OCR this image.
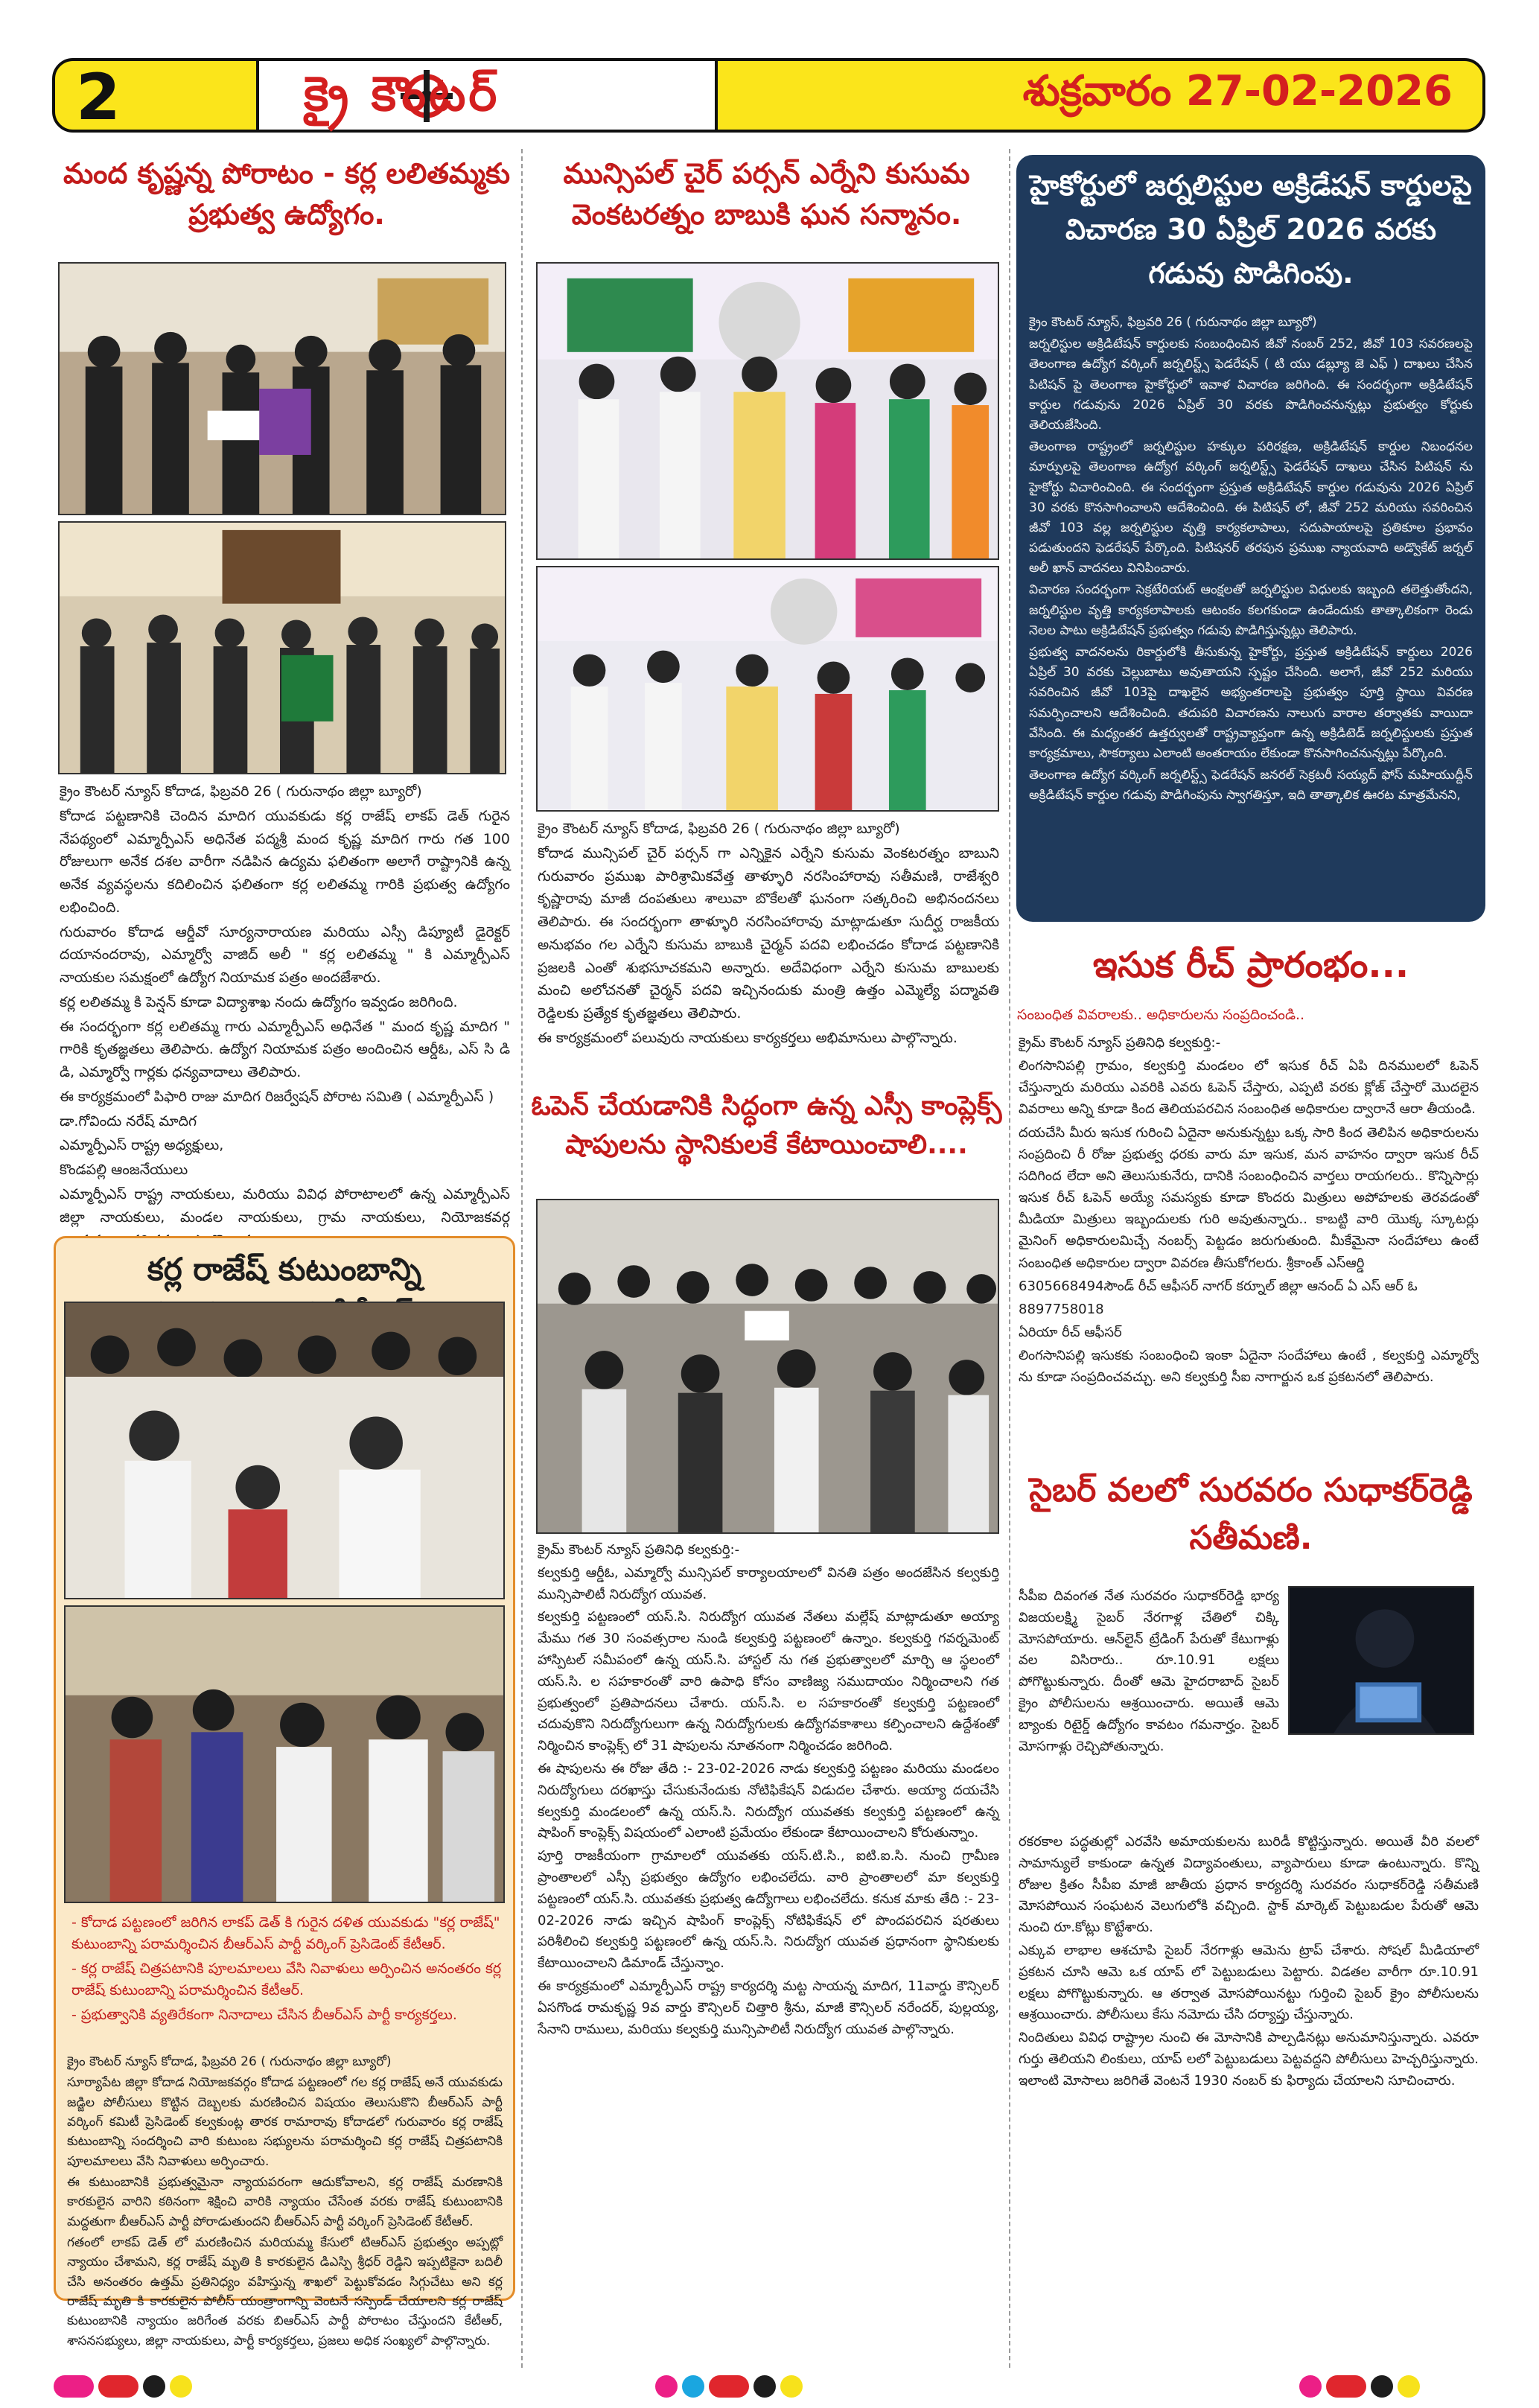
2	క్రై కౌంటర్	శుక్రవారం 27-02-2026
మంద కృష్ణన్న పోరాటం - కర్ల లలితమ్మకు ప్రభుత్వ ఉద్యోగం.

క్రైం కౌంటర్ న్యూస్ కోదాడ, ఫిబ్రవరి 26 ( గురునాథం జిల్లా బ్యూరో)

కోదాడ పట్టణానికి చెందిన మాదిగ యువకుడు కర్ల రాజేష్ లాకప్ డెత్ గురైన నేపథ్యంలో ఎమ్మార్పీఎస్ అధినేత పద్మశ్రీ మంద కృష్ణ మాదిగ గారు గత 100 రోజులుగా అనేక దశల వారీగా నడిపిన ఉద్యమ ఫలితంగా అలాగే రాష్ట్రానికి ఉన్న అనేక వ్యవస్థలను కదిలించిన ఫలితంగా కర్ల లలితమ్మ గారికి ప్రభుత్వ ఉద్యోగం లభించింది.

గురువారం కోదాడ ఆర్డీవో సూర్యనారాయణ మరియు ఎస్సీ డిప్యూటీ డైరెక్టర్ దయానందరావు, ఎమ్మార్వో వాజిద్ అలీ " కర్ల లలితమ్మ " కి ఎమ్మార్పీఎస్ నాయకుల సమక్షంలో ఉద్యోగ నియామక పత్రం అందజేశారు.

కర్ల లలితమ్మ కి పెన్షన్ కూడా విద్యాశాఖ నందు ఉద్యోగం ఇవ్వడం జరిగింది.

ఈ సందర్భంగా కర్ల లలితమ్మ గారు ఎమ్మార్పీఎస్ అధినేత " మంద కృష్ణ మాదిగ " గారికి కృతజ్ఞతలు తెలిపారు. ఉద్యోగ నియామక పత్రం అందించిన ఆర్డీఓ, ఎస్ సి డి డి, ఎమ్మార్వో గార్లకు ధన్యవాదాలు తెలిపారు.

ఈ కార్యక్రమంలో పిఫారి రాజు మాదిగ రిజర్వేషన్ పోరాట సమితి ( ఎమ్మార్పీఎస్ )

డా.గోవిందు నరేష్ మాదిగ

ఎమ్మార్పీఎస్ రాష్ట్ర అధ్యక్షులు,

కొండపల్లి ఆంజనేయులు

ఎమ్మార్పీఎస్ రాష్ట్ర నాయకులు, మరియు వివిధ పోరాటాలలో ఉన్న ఎమ్మార్పీఎస్ జిల్లా నాయకులు, మండల నాయకులు, గ్రామ నాయకులు, నియోజకవర్గ

కర్ల రాజేష్ కుటుంబాన్ని
- కోదాడ పట్టణంలో జరిగిన లాకప్ డెత్ కి గురైన దళిత యువకుడు "కర్ల రాజేష్" కుటుంబాన్ని పరామర్శించిన బీఆర్ఎస్ పార్టీ వర్కింగ్ ప్రెసిడెంట్ కేటీఆర్.
- కర్ల రాజేష్ చిత్రపటానికి పూలమాలలు వేసి నివాళులు అర్పించిన అనంతరం కర్ల రాజేష్ కుటుంబాన్ని పరామర్శించిన కేటీఆర్.
- ప్రభుత్వానికి వ్యతిరేకంగా నినాదాలు చేసిన బీఆర్ఎస్ పార్టీ కార్యకర్తలు.

క్రైం కౌంటర్ న్యూస్ కోదాడ, ఫిబ్రవరి 26 ( గురునాథం జిల్లా బ్యూరో)

సూర్యాపేట జిల్లా కోదాడ నియోజకవర్గం కోదాడ పట్టణంలో గల కర్ల రాజేష్ అనే యువకుడు జడ్జిల పోలీసులు కొట్టిన దెబ్బలకు మరణించిన విషయం తెలుసుకొని బీఆర్ఎస్ పార్టీ వర్కింగ్ కమిటీ ప్రెసిడెంట్ కల్వకుంట్ల తారక రామారావు కోదాడలో గురువారం కర్ల రాజేష్ కుటుంబాన్ని సందర్శించి వారి కుటుంబ సభ్యులను పరామర్శించి కర్ల రాజేష్ చిత్రపటానికి పూలమాలలు వేసి నివాళులు అర్పించారు.

ఈ కుటుంబానికి ప్రభుత్వమైనా న్యాయపరంగా ఆదుకోవాలని, కర్ల రాజేష్ మరణానికి కారకులైన వారిని కఠినంగా శిక్షించి వారికి న్యాయం చేసేంత వరకు రాజేష్ కుటుంబానికి మద్దతుగా బీఆర్ఎస్ పార్టీ పోరాడుతుందని బీఆర్ఎస్ పార్టీ వర్కింగ్ ప్రెసిడెంట్ కేటీఆర్.

గతంలో లాకప్ డెత్ లో మరణించిన మరియమ్మ కేసులో టిఆర్ఎస్ ప్రభుత్వం అప్పట్లో న్యాయం చేశామని, కర్ల రాజేష్ మృతి కి కారకులైన డిఎస్పి శ్రీధర్ రెడ్డిని ఇప్పటికైనా బదిలీ చేసి అనంతరం ఉత్తమ్ ప్రతినిధ్యం వహిస్తున్న శాఖలో పెట్టుకోవడం సిగ్గుచేటు అని కర్ల రాజేష్ మృతి కి కారకులైన పోలీస్ యంత్రాంగాన్ని వెంటనే సస్పెండ్ చేయాలని కర్ల రాజేష్ కుటుంబానికి న్యాయం జరిగేంత వరకు బిఆర్ఎస్ పార్టీ పోరాటం చేస్తుందని కేటీఆర్, శాసనసభ్యులు, జిల్లా నాయకులు, పార్టీ కార్యకర్తలు, ప్రజలు అధిక సంఖ్యలో పాల్గొన్నారు.

మున్సిపల్ చైర్ పర్సన్ ఎర్నేని కుసుమ వెంకటరత్నం బాబుకి ఘన సన్మానం.

క్రైం కౌంటర్ న్యూస్ కోదాడ, ఫిబ్రవరి 26 ( గురునాథం జిల్లా బ్యూరో)

కోదాడ మున్సిపల్ చైర్ పర్సన్ గా ఎన్నికైన ఎర్నేని కుసుమ వెంకటరత్నం బాబుని గురువారం ప్రముఖ పారిశ్రామికవేత్త తాళ్ళూరి నరసింహారావు సతీమణి, రాజేశ్వరి కృష్ణారావు మాజీ దంపతులు శాలువా బొకేలతో ఘనంగా సత్కరించి అభినందనలు తెలిపారు. ఈ సందర్భంగా తాళ్ళూరి నరసింహారావు మాట్లాడుతూ సుదీర్ఘ రాజకీయ అనుభవం గల ఎర్నేని కుసుమ బాబుకి చైర్మన్ పదవి లభించడం కోదాడ పట్టణానికి ప్రజలకి ఎంతో శుభసూచకమని అన్నారు. అదేవిధంగా ఎర్నేని కుసుమ బాబులకు మంచి అలోచనతో చైర్మన్ పదవి ఇచ్చినందుకు మంత్రి ఉత్తం ఎమ్మెల్యే పద్మావతి రెడ్డిలకు ప్రత్యేక కృతజ్ఞతలు తెలిపారు.

ఈ కార్యక్రమంలో పలువురు నాయకులు కార్యకర్తలు అభిమానులు పాల్గొన్నారు.

ఓపెన్ చేయడానికి సిద్ధంగా ఉన్న ఎస్సీ కాంప్లెక్స్ షాపులను స్థానికులకే కేటాయించాలి....

క్రైమ్ కౌంటర్ న్యూస్ ప్రతినిధి కల్వకుర్తి:-

కల్వకుర్తి ఆర్డీఓ, ఎమ్మార్వో మున్సిపల్ కార్యాలయాలలో వినతి పత్రం అందజేసిన కల్వకుర్తి మున్సిపాలిటీ నిరుద్యోగ యువత.

కల్వకుర్తి పట్టణంలో యస్.సి. నిరుద్యోగ యువత నేతలు మల్లేష్ మాట్లాడుతూ అయ్యా మేము గత 30 సంవత్సరాల నుండి కల్వకుర్తి పట్టణంలో ఉన్నాం. కల్వకుర్తి గవర్నమెంట్ హాస్పిటల్ సమీపంలో ఉన్న యస్.సి. హాస్టల్ ను గత ప్రభుత్వాలలో మార్చి ఆ స్థలంలో యస్.సి. ల సహకారంతో వారి ఉపాధి కోసం వాణిజ్య సముదాయం నిర్మించాలని గత ప్రభుత్వంలో ప్రతిపాదనలు చేశారు. యస్.సి. ల సహకారంతో కల్వకుర్తి పట్టణంలో చదువుకొని నిరుద్యోగులుగా ఉన్న నిరుద్యోగులకు ఉద్యోగవకాశాలు కల్పించాలని ఉద్దేశంతో నిర్మించిన కాంప్లెక్స్ లో 31 షాపులను నూతనంగా నిర్మించడం జరిగింది.

ఈ షాపులను ఈ రోజు తేది :- 23-02-2026 నాడు కల్వకుర్తి పట్టణం మరియు మండలం నిరుద్యోగులు దరఖాస్తు చేసుకునేందుకు నోటిఫికేషన్ విడుదల చేశారు. అయ్యా దయచేసి కల్వకుర్తి మండలంలో ఉన్న యస్.సి. నిరుద్యోగ యువతకు కల్వకుర్తి పట్టణంలో ఉన్న షాపింగ్ కాంప్లెక్స్ విషయంలో ఎలాంటి ప్రమేయం లేకుండా కేటాయించాలని కోరుతున్నాం.

పూర్తి రాజకీయంగా గ్రామాలలో యువతకు యస్.టి.సి., ఐటి.ఐ.సి. నుంచి గ్రామీణ ప్రాంతాలలో ఎస్సీ ప్రభుత్వం ఉద్యోగం లభించలేదు. వారి ప్రాంతాలలో మా కల్వకుర్తి పట్టణంలో యస్.సి. యువతకు ప్రభుత్వ ఉద్యోగాలు లభించలేదు. కనుక మాకు తేది :- 23-02-2026 నాడు ఇచ్చిన షాపింగ్ కాంప్లెక్స్ నోటిఫికేషన్ లో పొందపరచిన షరతులు పరిశీలించి కల్వకుర్తి పట్టణంలో ఉన్న యస్.సి. నిరుద్యోగ యువత ప్రధానంగా స్థానికులకు కేటాయించాలని డిమాండ్ చేస్తున్నాం.

ఈ కార్యక్రమంలో ఎమ్మార్పీఎస్ రాష్ట్ర కార్యదర్శి మట్ట సాయన్న మాదిగ, 11వార్డు కౌన్సిలర్ ఏసగొండ రామకృష్ణ 9వ వార్డు కౌన్సిలర్ చిత్తారి శ్రీను, మాజీ కౌన్సిలర్ నరేందర్, పుల్లయ్య, సేనాని రాములు, మరియు కల్వకుర్తి మున్సిపాలిటీ నిరుద్యోగ యువత పాల్గొన్నారు.

హైకోర్టులో జర్నలిస్టుల అక్రిడేషన్ కార్డులపై విచారణ 30 ఏప్రిల్ 2026 వరకు గడువు పొడిగింపు.

క్రైం కౌంటర్ న్యూస్, ఫిబ్రవరి 26 ( గురునాథం జిల్లా బ్యూరో)

జర్నలిస్టుల అక్రిడిటేషన్ కార్డులకు సంబంధించిన జీవో నంబర్ 252, జీవో 103 సవరణలపై తెలంగాణ ఉద్యోగ వర్కింగ్ జర్నలిస్ట్స్ ఫెడరేషన్ ( టి యు డబ్ల్యూ జె ఎఫ్ ) దాఖలు చేసిన పిటిషన్ పై తెలంగాణ హైకోర్టులో ఇవాళ విచారణ జరిగింది. ఈ సందర్భంగా అక్రిడిటేషన్ కార్డుల గడువును 2026 ఏప్రిల్ 30 వరకు పొడిగించనున్నట్లు ప్రభుత్వం కోర్టుకు తెలియజేసింది.

తెలంగాణ రాష్ట్రంలో జర్నలిస్టుల హక్కుల పరిరక్షణ, అక్రిడిటేషన్ కార్డుల నిబంధనల మార్పులపై తెలంగాణ ఉద్యోగ వర్కింగ్ జర్నలిస్ట్స్ ఫెడరేషన్ దాఖలు చేసిన పిటిషన్ ను హైకోర్టు విచారించింది. ఈ సందర్భంగా ప్రస్తుత అక్రిడిటేషన్ కార్డుల గడువును 2026 ఏప్రిల్ 30 వరకు కొనసాగించాలని ఆదేశించింది. ఈ పిటిషన్ లో, జీవో 252 మరియు సవరించిన జీవో 103 వల్ల జర్నలిస్టుల వృత్తి కార్యకలాపాలు, సదుపాయాలపై ప్రతికూల ప్రభావం పడుతుందని ఫెడరేషన్ పేర్కొంది. పిటిషనర్ తరపున ప్రముఖ న్యాయవాది అడ్వొకేట్ జర్నల్ అలీ ఖాన్ వాదనలు వినిపించారు.

విచారణ సందర్భంగా సెక్రటేరియట్ ఆంక్షలతో జర్నలిస్టుల విధులకు ఇబ్బంది తలెత్తుతోందని, జర్నలిస్టుల వృత్తి కార్యకలాపాలకు ఆటంకం కలగకుండా ఉండేందుకు తాత్కాలికంగా రెండు నెలల పాటు అక్రిడిటేషన్ ప్రభుత్వం గడువు పొడిగిస్తున్నట్లు తెలిపారు.

ప్రభుత్వ వాదనలను రికార్డులోకి తీసుకున్న హైకోర్టు, ప్రస్తుత అక్రిడిటేషన్ కార్డులు 2026 ఏప్రిల్ 30 వరకు చెల్లుబాటు అవుతాయని స్పష్టం చేసింది. అలాగే, జీవో 252 మరియు సవరించిన జీవో 103పై దాఖలైన అభ్యంతరాలపై ప్రభుత్వం పూర్తి స్థాయి వివరణ సమర్పించాలని ఆదేశించింది. తదుపరి విచారణను నాలుగు వారాల తర్వాతకు వాయిదా వేసింది. ఈ మధ్యంతర ఉత్తర్వులతో రాష్ట్రవ్యాప్తంగా ఉన్న అక్రిడిటెడ్ జర్నలిస్టులకు ప్రస్తుత కార్యక్రమాలు, సౌకర్యాలు ఎలాంటి అంతరాయం లేకుండా కొనసాగించనున్నట్లు పేర్కొంది.

తెలంగాణ ఉద్యోగ వర్కింగ్ జర్నలిస్ట్స్ ఫెడరేషన్ జనరల్ సెక్రటరీ సయ్యద్ ఫోస్ మహియుద్దీన్ అక్రిడిటేషన్ కార్డుల గడువు పొడిగింపును స్వాగతిస్తూ, ఇది తాత్కాలిక ఊరట మాత్రమేనని,

ఇసుక రీచ్ ప్రారంభం...
సంబంధిత వివరాలకు.. అధికారులను సంప్రదించండి..

క్రైమ్ కౌంటర్ న్యూస్ ప్రతినిధి కల్వకుర్తి:-

లింగసానిపల్లి గ్రామం, కల్వకుర్తి మండలం లో ఇసుక రీచ్ ఏపి దినములలో ఓపెన్ చేస్తున్నారు మరియు ఎవరికి ఎవరు ఓపెన్ చేస్తారు, ఎప్పటి వరకు క్లోజ్ చేస్తారో మొదలైన వివరాలు అన్ని కూడా కింద తెలియపరచిన సంబంధిత అధికారుల ద్వారానే ఆరా తీయండి.

దయచేసి మీరు ఇసుక గురించి ఏదైనా అనుకున్నట్టు ఒక్క సారి కింద తెలిపిన అధికారులను సంప్రదించి రీ రోజు ప్రభుత్వ ధరకు వారు మా ఇసుక, మన వాహనం ద్వారా ఇసుక రీచ్ సదిగింద లేదా అని తెలుసుకునేరు, దానికి సంబంధించిన వార్తలు రాయగలరు.. కొన్నిసార్లు ఇసుక రీచ్ ఓపెన్ అయ్యే సమస్యకు కూడా కొందరు మిత్రులు అపోహలకు తెరవడంతో మీడియా మిత్రులు ఇబ్బందులకు గురి అవుతున్నారు.. కాబట్టి వారి యొక్క స్కూటర్లు మైనింగ్ అధికారులమిచ్చే నంబర్స్ పెట్టడం జరుగుతుంది. మీకేమైనా సందేహాలు ఉంటే సంబంధిత అధికారుల ద్వారా వివరణ తీసుకోగలరు. శ్రీకాంత్ ఎస్ఆర్డి

6305668494సౌండ్ రీచ్ ఆఫీసర్ నాగర్ కర్నూల్ జిల్లా ఆనంద్ ఏ ఎస్ ఆర్ ఓ

8897758018

ఏరియా రీచ్ ఆఫీసర్

లింగసానిపల్లి ఇసుకకు సంబంధించి ఇంకా ఏదైనా సందేహాలు ఉంటే , కల్వకుర్తి ఎమ్మార్వో ను కూడా సంప్రదించవచ్చు. అని కల్వకుర్తి సీఐ నాగార్జున ఒక ప్రకటనలో తెలిపారు.

సైబర్ వలలో సురవరం సుధాకర్‌రెడ్డి సతీమణి.

సీపీఐ దివంగత నేత సురవరం సుధాకర్‌రెడ్డి భార్య విజయలక్ష్మి సైబర్ నేరగాళ్ల చేతిలో చిక్కి మోసపోయారు. ఆన్‌లైన్ ట్రేడింగ్ పేరుతో కేటుగాళ్లు వల విసిరారు.. రూ.10.91 లక్షలు పోగొట్టుకున్నారు. దీంతో ఆమె హైదరాబాద్ సైబర్ క్రైం పోలీసులను ఆశ్రయించారు. అయితే ఆమె బ్యాంకు రిటైర్డ్ ఉద్యోగం కావటం గమనార్హం. సైబర్ మోసగాళ్లు రెచ్చిపోతున్నారు.

రకరకాల పద్ధతుల్లో ఎరవేసి అమాయకులను బురిడీ కొట్టిస్తున్నారు. అయితే వీరి వలలో సామాన్యులే కాకుండా ఉన్నత విద్యావంతులు, వ్యాపారులు కూడా ఉంటున్నారు. కొన్ని రోజుల క్రితం సీపీఐ మాజీ జాతీయ ప్రధాన కార్యదర్శి సురవరం సుధాకర్‌రెడ్డి సతీమణి మోసపోయిన సంఘటన వెలుగులోకి వచ్చింది. స్టాక్ మార్కెట్ పెట్టుబడుల పేరుతో ఆమె నుంచి రూ.కోట్లు కొట్టేశారు.

ఎక్కువ లాభాల ఆశచూపి సైబర్ నేరగాళ్లు ఆమెను ట్రాప్ చేశారు. సోషల్ మీడియాలో ప్రకటన చూసి ఆమె ఒక యాప్ లో పెట్టుబడులు పెట్టారు. విడతల వారీగా రూ.10.91 లక్షలు పోగొట్టుకున్నారు. ఆ తర్వాత మోసపోయినట్టు గుర్తించి సైబర్ క్రైం పోలీసులను ఆశ్రయించారు. పోలీసులు కేసు నమోదు చేసి దర్యాప్తు చేస్తున్నారు.

నిందితులు వివిధ రాష్ట్రాల నుంచి ఈ మోసానికి పాల్పడినట్లు అనుమానిస్తున్నారు. ఎవరూ గుర్తు తెలియని లింకులు, యాప్ లలో పెట్టుబడులు పెట్టవద్దని పోలీసులు హెచ్చరిస్తున్నారు. ఇలాంటి మోసాలు జరిగితే వెంటనే 1930 నంబర్ కు ఫిర్యాదు చేయాలని సూచించారు.
